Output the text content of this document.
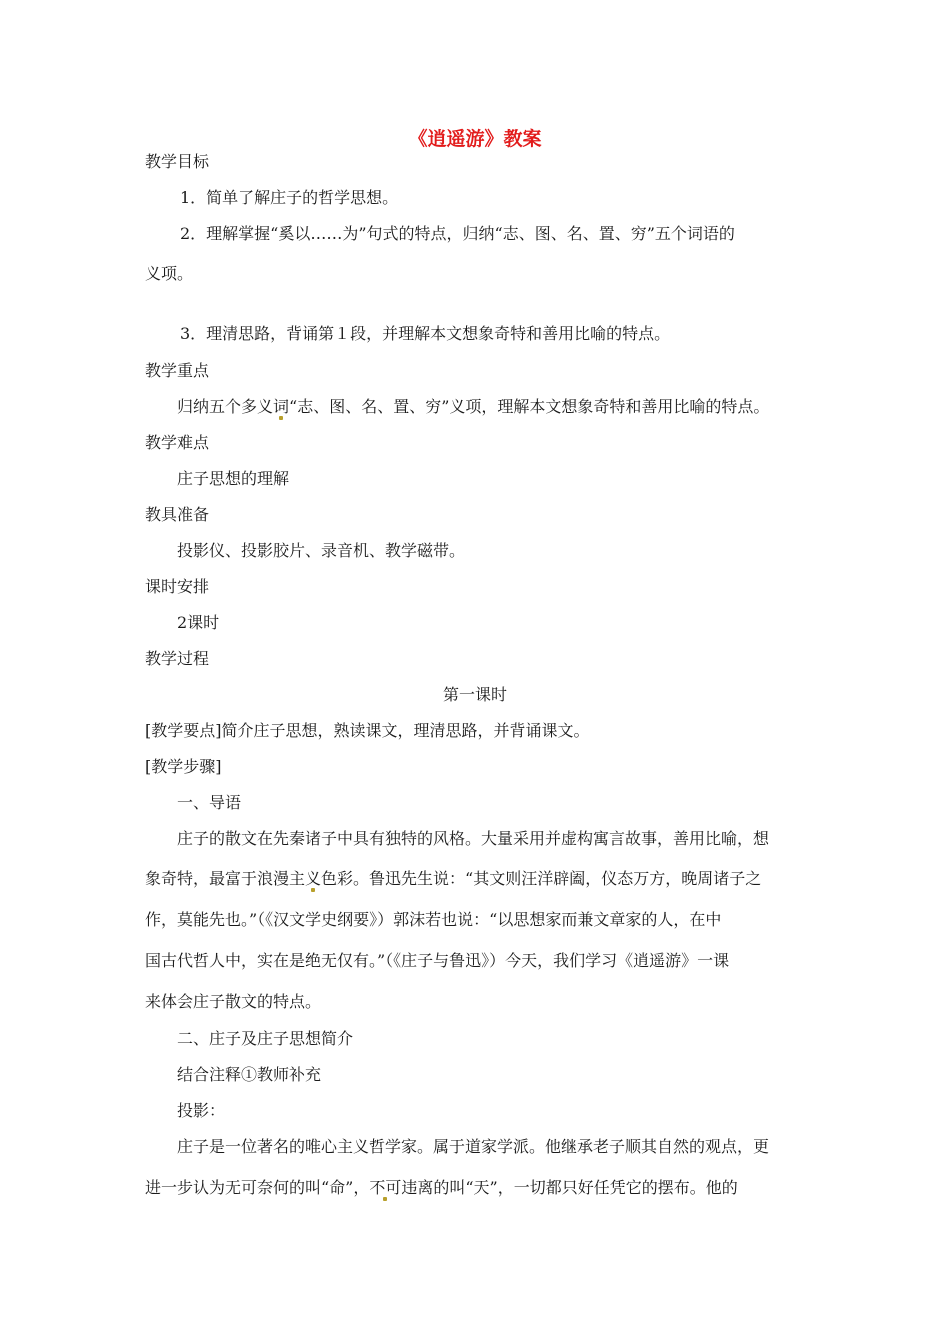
《逍遥游》教案
教学目标
1．简单了解庄子的哲学思想。
2．理解掌握“奚以……为”句式的特点，归纳“志、图、名、置、穷”五个词语的
义项。
3．理清思路，背诵第１段，并理解本文想象奇特和善用比喻的特点。
教学重点
归纳五个多义词“志、图、名、置、穷”义项，理解本文想象奇特和善用比喻的特点。
教学难点
庄子思想的理解
教具准备
投影仪、投影胶片、录音机、教学磁带。
课时安排
2课时
教学过程
第一课时
[教学要点]简介庄子思想，熟读课文，理清思路，并背诵课文。
[教学步骤]
一、导语
庄子的散文在先秦诸子中具有独特的风格。大量采用并虚构寓言故事，善用比喻，想
象奇特，最富于浪漫主义色彩。鲁迅先生说：“其文则汪洋辟阖，仪态万方，晚周诸子之
作，莫能先也。”（《汉文学史纲要》）郭沫若也说：“以思想家而兼文章家的人，在中
国古代哲人中，实在是绝无仅有。”（《庄子与鲁迅》）今天，我们学习《逍遥游》一课
来体会庄子散文的特点。
二、庄子及庄子思想简介
结合注释①教师补充
投影：
庄子是一位著名的唯心主义哲学家。属于道家学派。他继承老子顺其自然的观点，更
进一步认为无可奈何的叫“命”，不可违离的叫“天”，一切都只好任凭它的摆布。他的
